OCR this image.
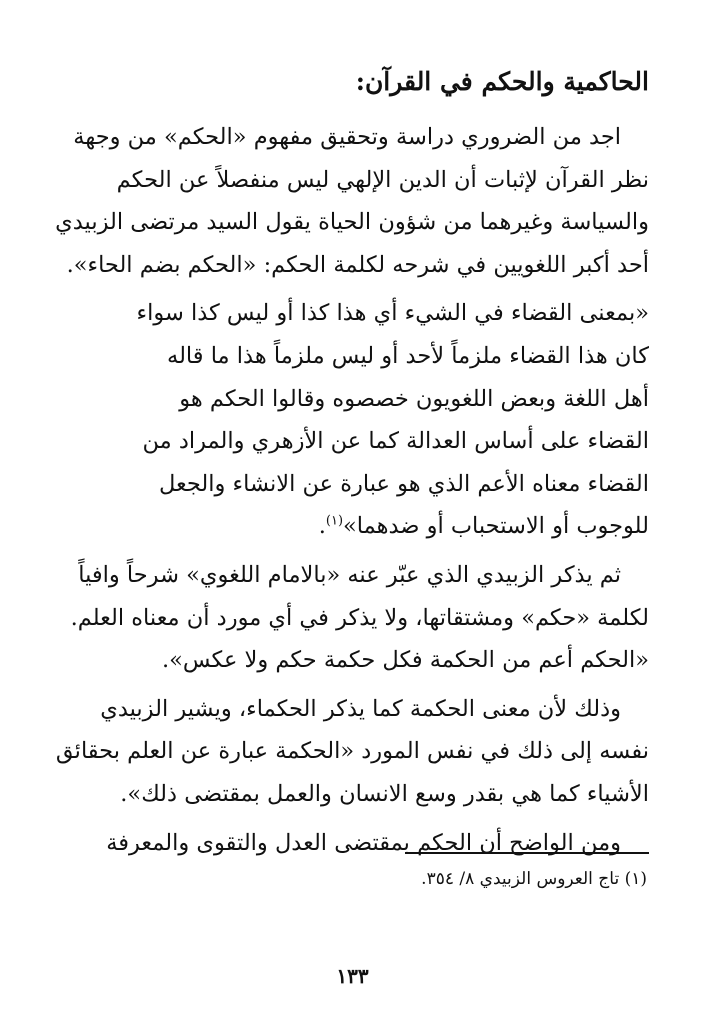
الحاكمية والحكم في القرآن:

اجد من الضروري دراسة وتحقيق مفهوم «الحكم» من وجهة نظر القرآن لإثبات أن الدين الإلهي ليس منفصلاً عن الحكم والسياسة وغيرهما من شؤون الحياة يقول السيد مرتضى الزبيدي أحد أكبر اللغويين في شرحه لكلمة الحكم: «الحكم بضم الحاء».

«بمعنى القضاء في الشيء أي هذا كذا أو ليس كذا سواء كان هذا القضاء ملزماً لأحد أو ليس ملزماً هذا ما قاله أهل اللغة وبعض اللغويون خصصوه وقالوا الحكم هو القضاء على أساس العدالة كما عن الأزهري والمراد من القضاء معناه الأعم الذي هو عبارة عن الانشاء والجعل للوجوب أو الاستحباب أو ضدهما»$^{(١)}$.

ثم يذكر الزبيدي الذي عبّر عنه «بالامام اللغوي» شرحاً وافياً لكلمة «حكم» ومشتقاتها، ولا يذكر في أي مورد أن معناه العلم. «الحكم أعم من الحكمة فكل حكمة حكم ولا عكس».

وذلك لأن معنى الحكمة كما يذكر الحكماء، ويشير الزبيدي نفسه إلى ذلك في نفس المورد «الحكمة عبارة عن العلم بحقائق الأشياء كما هي بقدر وسع الانسان والعمل بمقتضى ذلك».

ومن الواضح أن الحكم بمقتضى العدل والتقوى والمعرفة

(١) تاج العروس الزبيدي ٨/ ٣٥٤.
١٣٣
